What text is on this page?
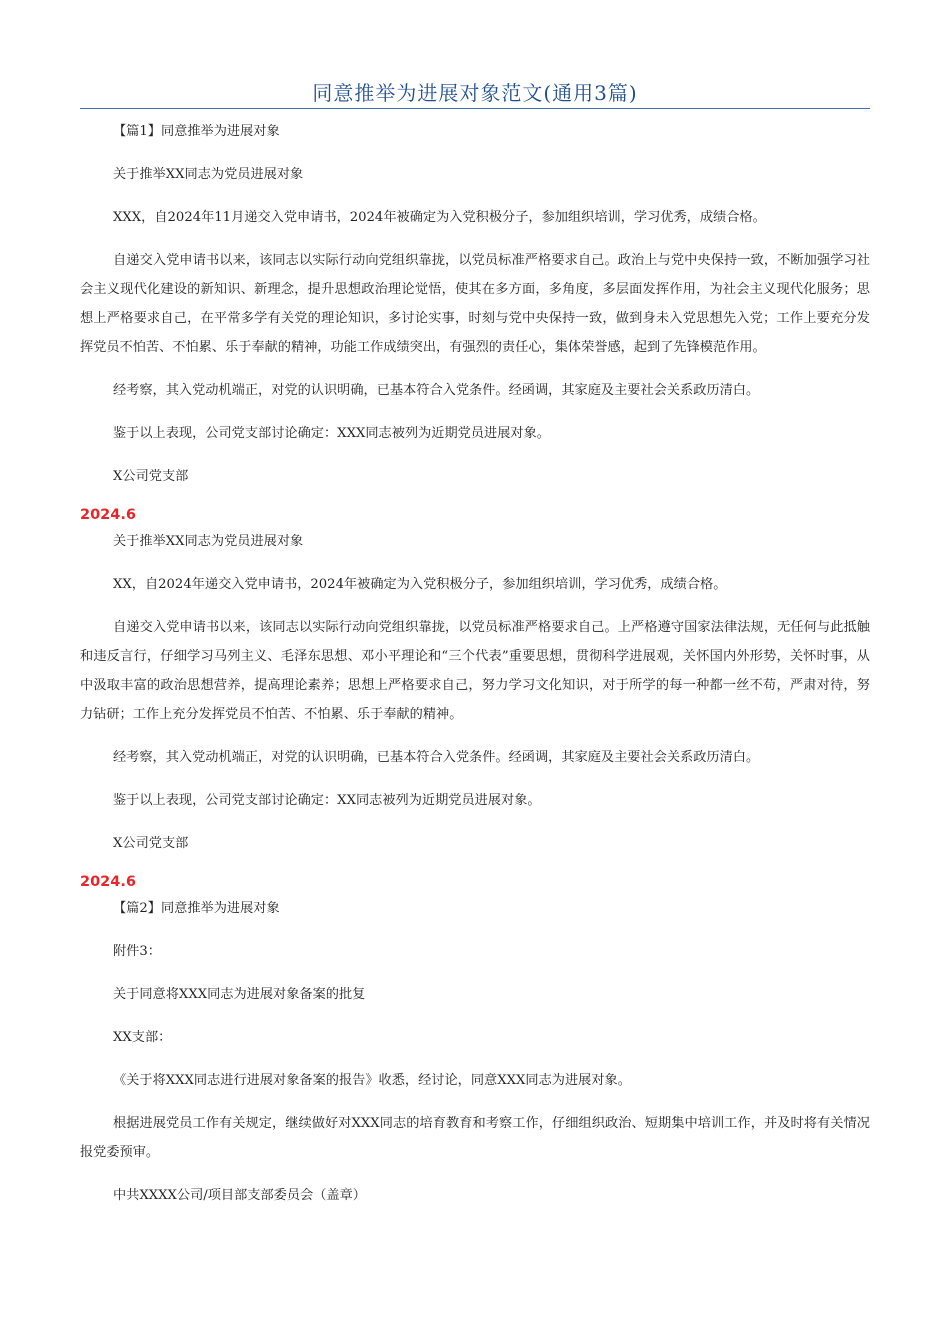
同意推举为进展对象范文(通用3篇)

【篇1】同意推举为进展对象

关于推举XX同志为党员进展对象

XXX，自2024年11月递交入党申请书，2024年被确定为入党积极分子，参加组织培训，学习优秀，成绩合格。

自递交入党申请书以来，该同志以实际行动向党组织靠拢，以党员标准严格要求自己。政治上与党中央保持一致，不断加强学习社会主义现代化建设的新知识、新理念，提升思想政治理论觉悟，使其在多方面，多角度，多层面发挥作用，为社会主义现代化服务；思想上严格要求自己，在平常多学有关党的理论知识，多讨论实事，时刻与党中央保持一致，做到身未入党思想先入党；工作上要充分发挥党员不怕苦、不怕累、乐于奉献的精神，功能工作成绩突出，有强烈的责任心，集体荣誉感，起到了先锋模范作用。

经考察，其入党动机端正，对党的认识明确，已基本符合入党条件。经函调，其家庭及主要社会关系政历清白。

鉴于以上表现，公司党支部讨论确定：XXX同志被列为近期党员进展对象。

X公司党支部

2024.6

关于推举XX同志为党员进展对象

XX，自2024年递交入党申请书，2024年被确定为入党积极分子，参加组织培训，学习优秀，成绩合格。

自递交入党申请书以来，该同志以实际行动向党组织靠拢，以党员标准严格要求自己。上严格遵守国家法律法规，无任何与此抵触和违反言行，仔细学习马列主义、毛泽东思想、邓小平理论和“三个代表”重要思想，贯彻科学进展观，关怀国内外形势，关怀时事，从中汲取丰富的政治思想营养，提高理论素养；思想上严格要求自己，努力学习文化知识，对于所学的每一种都一丝不苟，严肃对待，努力钻研；工作上充分发挥党员不怕苦、不怕累、乐于奉献的精神。

经考察，其入党动机端正，对党的认识明确，已基本符合入党条件。经函调，其家庭及主要社会关系政历清白。

鉴于以上表现，公司党支部讨论确定：XX同志被列为近期党员进展对象。

X公司党支部

2024.6

【篇2】同意推举为进展对象

附件3：

关于同意将XXX同志为进展对象备案的批复

XX支部：

《关于将XXX同志进行进展对象备案的报告》收悉，经讨论，同意XXX同志为进展对象。

根据进展党员工作有关规定，继续做好对XXX同志的培育教育和考察工作，仔细组织政治、短期集中培训工作，并及时将有关情况报党委预审。

中共XXXX公司/项目部支部委员会（盖章）
